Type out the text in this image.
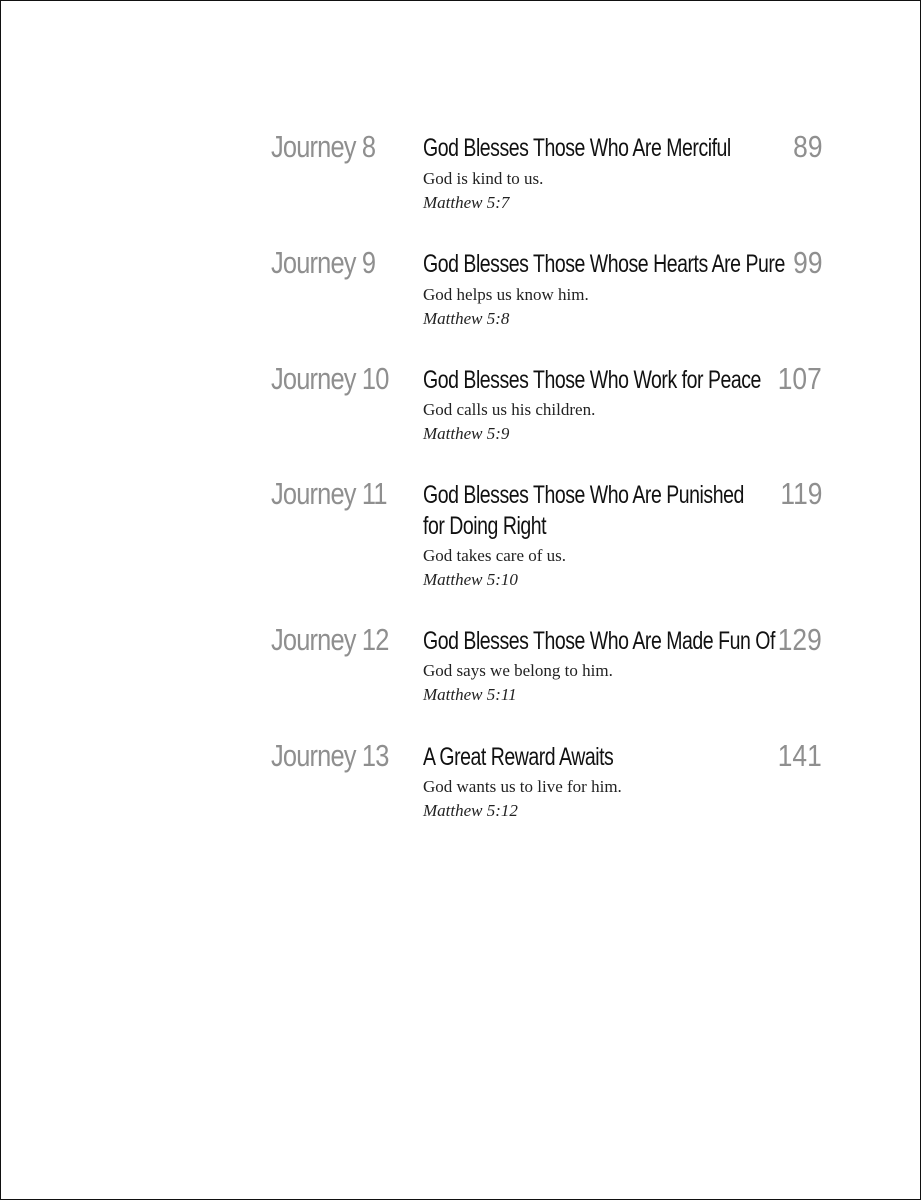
Journey 8 God Blesses Those Who Are Merciful 89
God is kind to us.
Matthew 5:7
Journey 9 God Blesses Those Whose Hearts Are Pure 99
God helps us know him.
Matthew 5:8
Journey 10 God Blesses Those Who Work for Peace 107
God calls us his children.
Matthew 5:9
Journey 11 God Blesses Those Who Are Punished
for Doing Right
119
God takes care of us.
Matthew 5:10
Journey 12 God Blesses Those Who Are Made Fun Of 129
God says we belong to him.
Matthew 5:11
Journey 13 A Great Reward Awaits	141
God wants us to live for him.
Matthew 5:12
